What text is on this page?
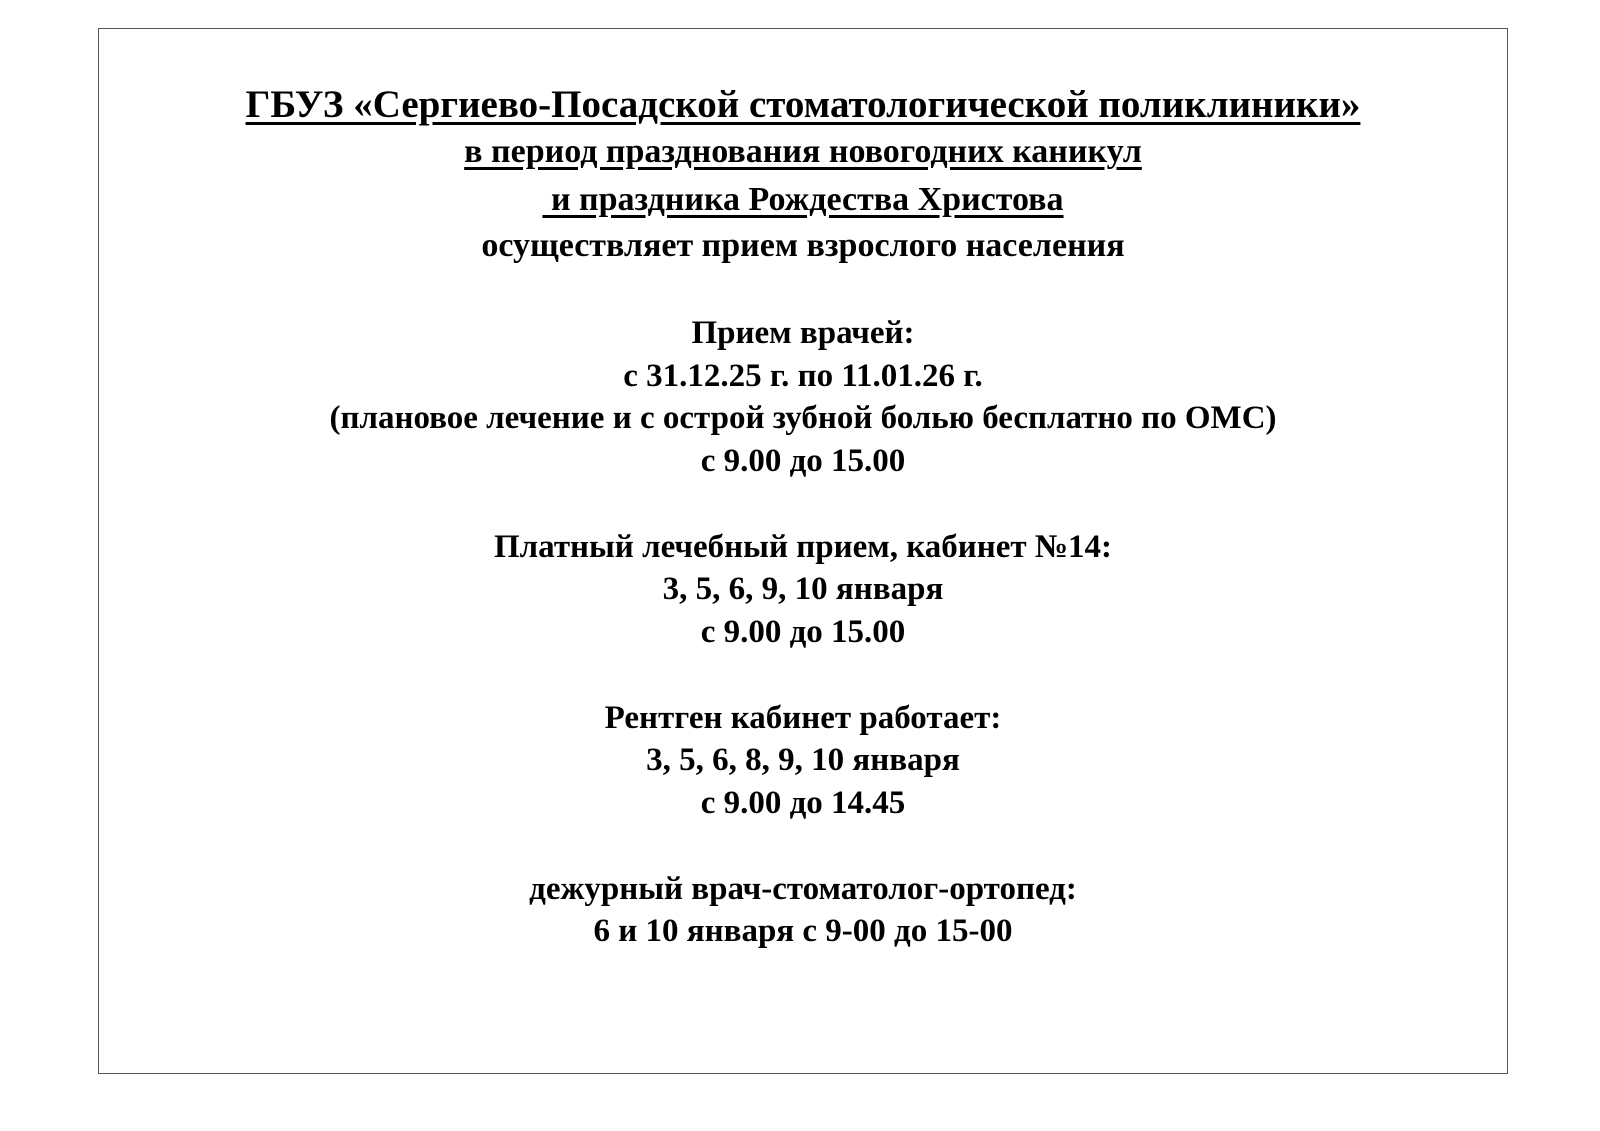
ГБУЗ «Сергиево-Посадской стоматологической поликлиники»
в период празднования новогодних каникул
и праздника Рождества Христова
осуществляет прием взрослого населения
Прием врачей:
с 31.12.25 г. по 11.01.26 г.
(плановое лечение и с острой зубной болью бесплатно по ОМС)
с 9.00 до 15.00
Платный лечебный прием, кабинет №14:
3, 5, 6, 9, 10 января
с 9.00 до 15.00
Рентген кабинет работает:
3, 5, 6, 8, 9, 10 января
с 9.00 до 14.45
дежурный врач-стоматолог-ортопед:
6 и 10 января с 9-00 до 15-00
